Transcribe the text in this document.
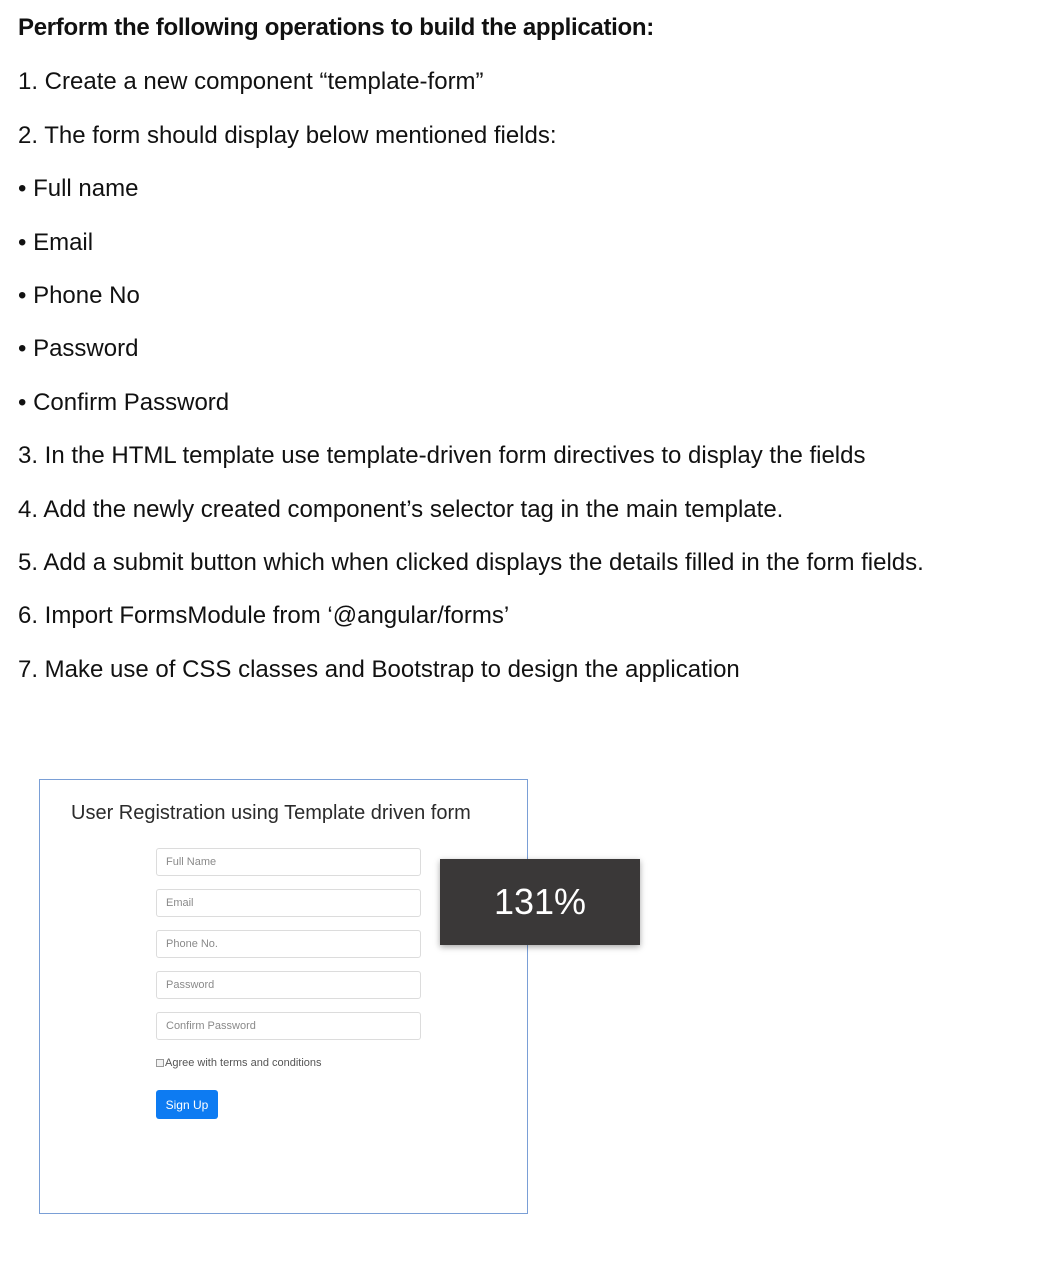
Perform the following operations to build the application:
1. Create a new component “template-form”
2. The form should display below mentioned fields:
• Full name
• Email
• Phone No
• Password
• Confirm Password
3. In the HTML template use template-driven form directives to display the fields
4. Add the newly created component’s selector tag in the main template.
5. Add a submit button which when clicked displays the details filled in the form fields.
6. Import FormsModule from ‘@angular/forms’
7. Make use of CSS classes and Bootstrap to design the application
User Registration using Template driven form
Full Name
Email
Phone No.
Password
Confirm Password
Agree with terms and conditions
Sign Up
131%
